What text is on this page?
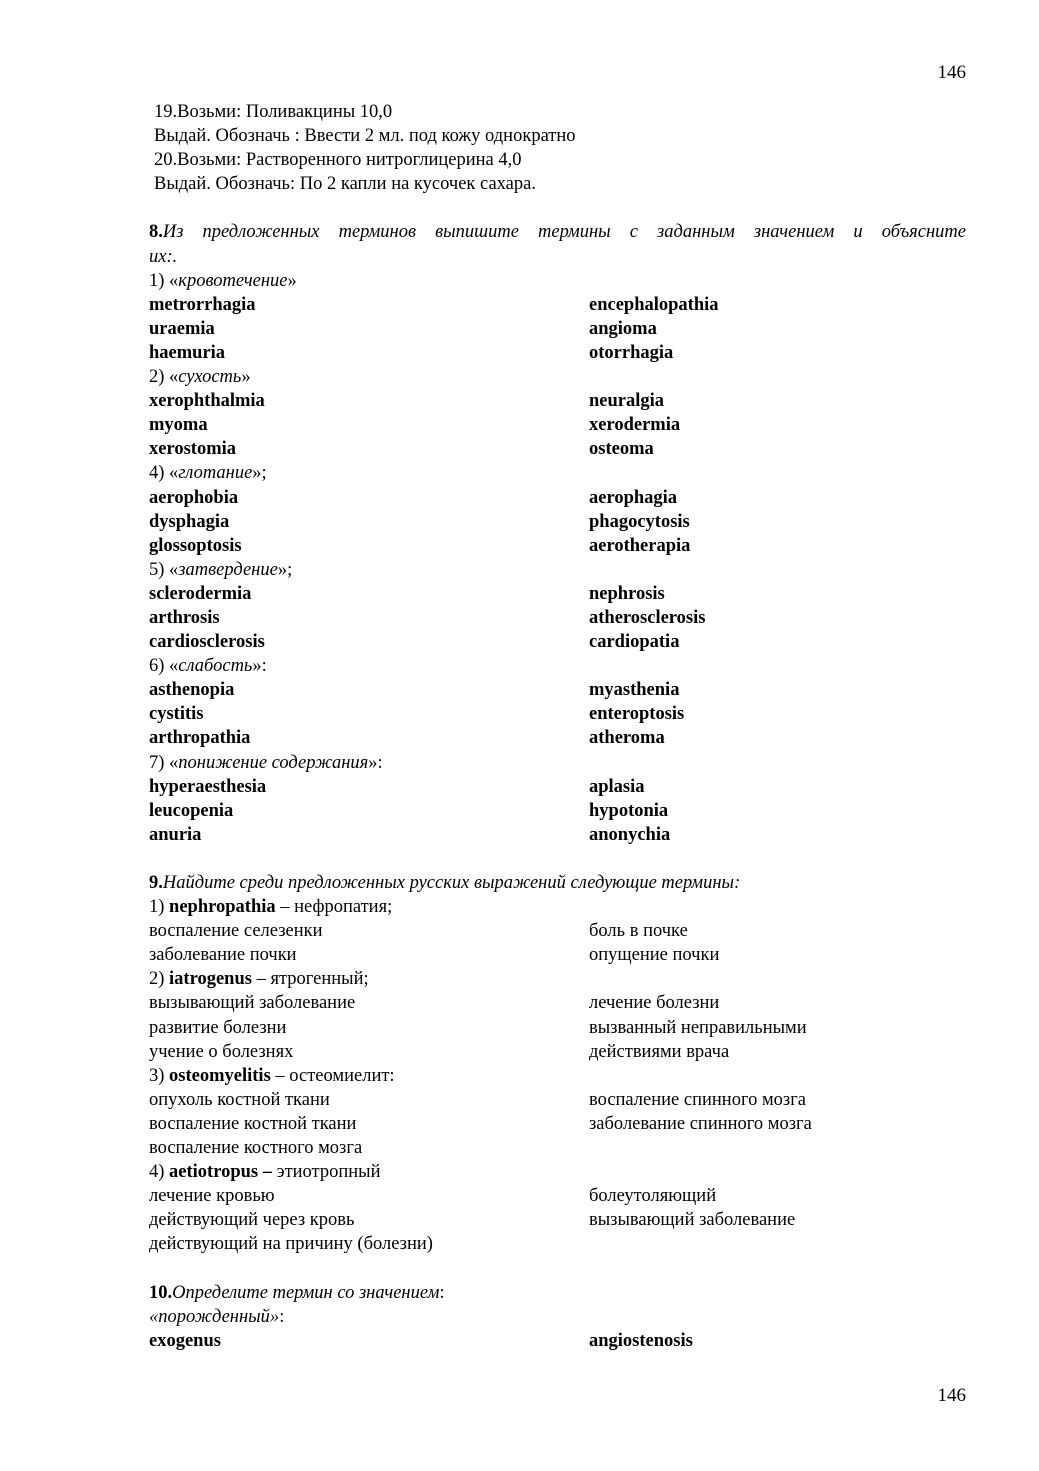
146
19.Возьми: Поливакцины 10,0
Выдай. Обозначь : Ввести 2 мл. под кожу однократно
20.Возьми: Растворенного нитроглицерина 4,0
Выдай. Обозначь: По 2 капли на кусочек сахара.
8.Из предложенных терминов выпишите термины с заданным значением и объясните
их:.
1) «кровотечение»
metrorrhagia	encephalopathia
uraemia	angioma
haemuria	otorrhagia
2) «сухость»
xerophthalmia	neuralgia
myoma	xerodermia
xerostomia	osteoma
4) «глотание»;
aerophobia	aerophagia
dysphagia	phagocytosis
glossoptosis	aerotherapia
5) «затвердение»;
sclerodermia	nephrosis
arthrosis	atherosclerosis
cardiosclerosis	cardiopatia
6) «слабость»:
asthenopia	myasthenia
cystitis	enteroptosis
arthropathia	atheroma
7) «понижение содержания»:
hyperaesthesia	aplasia
leucopenia	hypotonia
anuria	anonychia
9.Найдите среди предложенных русских выражений следующие термины:
1) nephropathia – нефропатия;
воспаление селезенки	боль в почке
заболевание почки	опущение почки
2) iatrogenus – ятрогенный;
вызывающий заболевание	лечение болезни
развитие болезни	вызванный неправильными
учение о болезнях	действиями врача
3) osteomyelitis – остеомиелит:
опухоль костной ткани	воспаление спинного мозга
воспаление костной ткани	заболевание спинного мозга
воспаление костного мозга
4) aetiotropus – этиотропный
лечение кровью	болеутоляющий
действующий через кровь	вызывающий заболевание
действующий на причину (болезни)
10.Определите термин со значением:
«порожденный»:
exogenus	angiostenosis
146
